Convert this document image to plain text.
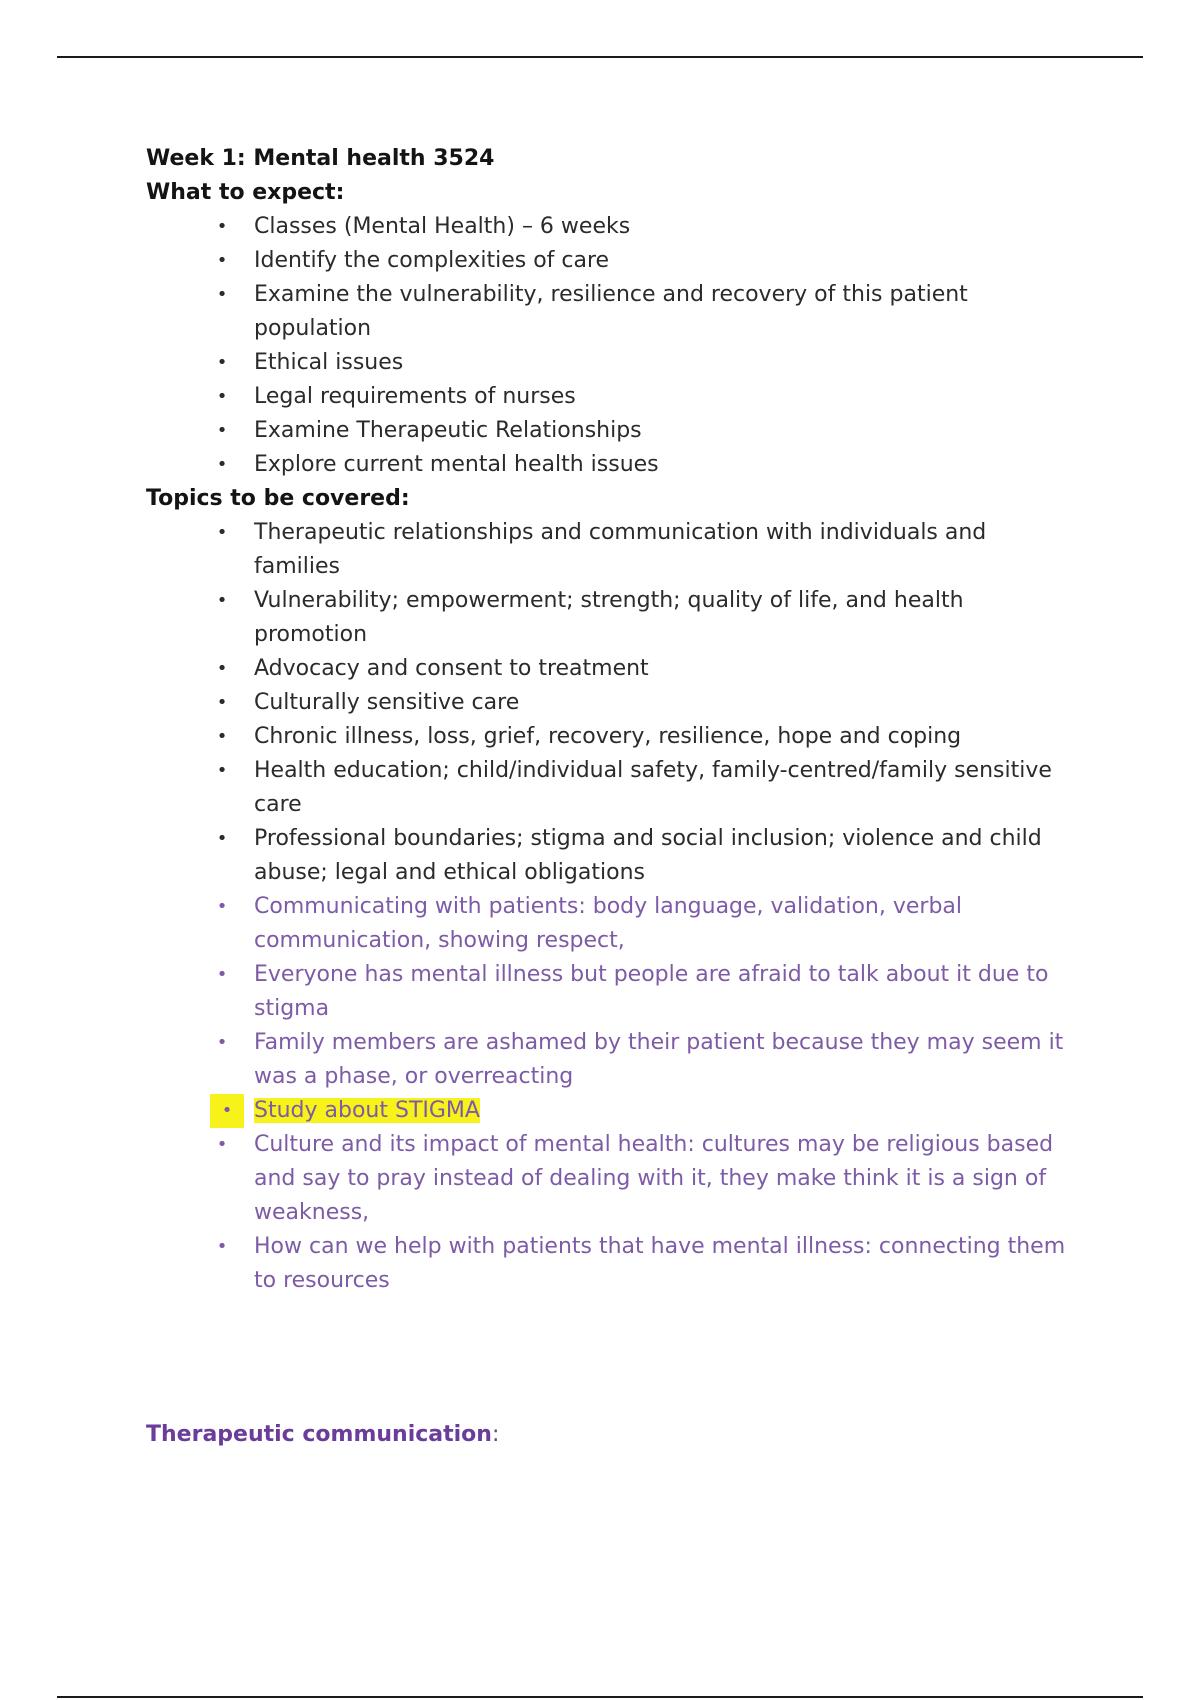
Week 1: Mental health 3524
What to expect:
• Classes (Mental Health) – 6 weeks
• Identify the complexities of care
• Examine the vulnerability, resilience and recovery of this patient population
• Ethical issues
• Legal requirements of nurses
• Examine Therapeutic Relationships
• Explore current mental health issues
Topics to be covered:
• Therapeutic relationships and communication with individuals and families
• Vulnerability; empowerment; strength; quality of life, and health promotion
• Advocacy and consent to treatment
• Culturally sensitive care
• Chronic illness, loss, grief, recovery, resilience, hope and coping
• Health education; child/individual safety, family-centred/family sensitive care
• Professional boundaries; stigma and social inclusion; violence and child abuse; legal and ethical obligations
• Communicating with patients: body language, validation, verbal communication, showing respect,
• Everyone has mental illness but people are afraid to talk about it due to stigma
• Family members are ashamed by their patient because they may seem it was a phase, or overreacting
• Study about STIGMA
• Culture and its impact of mental health: cultures may be religious based and say to pray instead of dealing with it, they make think it is a sign of weakness,
• How can we help with patients that have mental illness: connecting them to resources
Therapeutic communication:
